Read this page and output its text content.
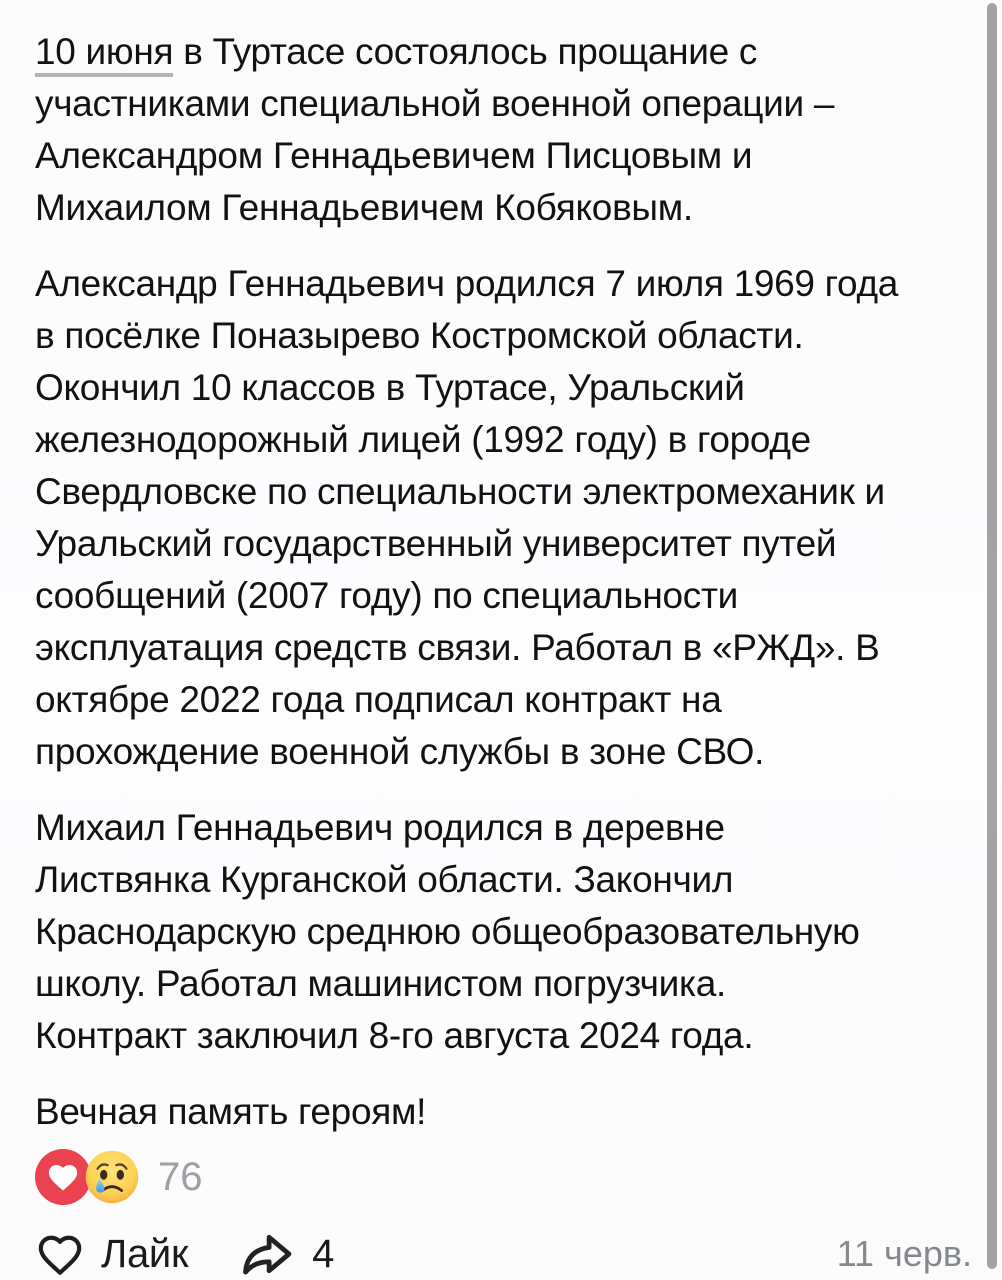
10 июня в Туртасе состоялось прощание с
участниками специальной военной операции –
Александром Геннадьевичем Писцовым и
Михаилом Геннадьевичем Кобяковым.
Александр Геннадьевич родился 7 июля 1969 года
в посёлке Поназырево Костромской области.
Окончил 10 классов в Туртасе, Уральский
железнодорожный лицей (1992 году) в городе
Свердловске по специальности электромеханик и
Уральский государственный университет путей
сообщений (2007 году) по специальности
эксплуатация средств связи. Работал в «РЖД». В
октябре 2022 года подписал контракт на
прохождение военной службы в зоне СВО.
Михаил Геннадьевич родился в деревне
Листвянка Курганской области. Закончил
Краснодарскую среднюю общеобразовательную
школу. Работал машинистом погрузчика.
Контракт заключил 8-го августа 2024 года.
Вечная память героям!
76
Лайк	4	11 черв.
